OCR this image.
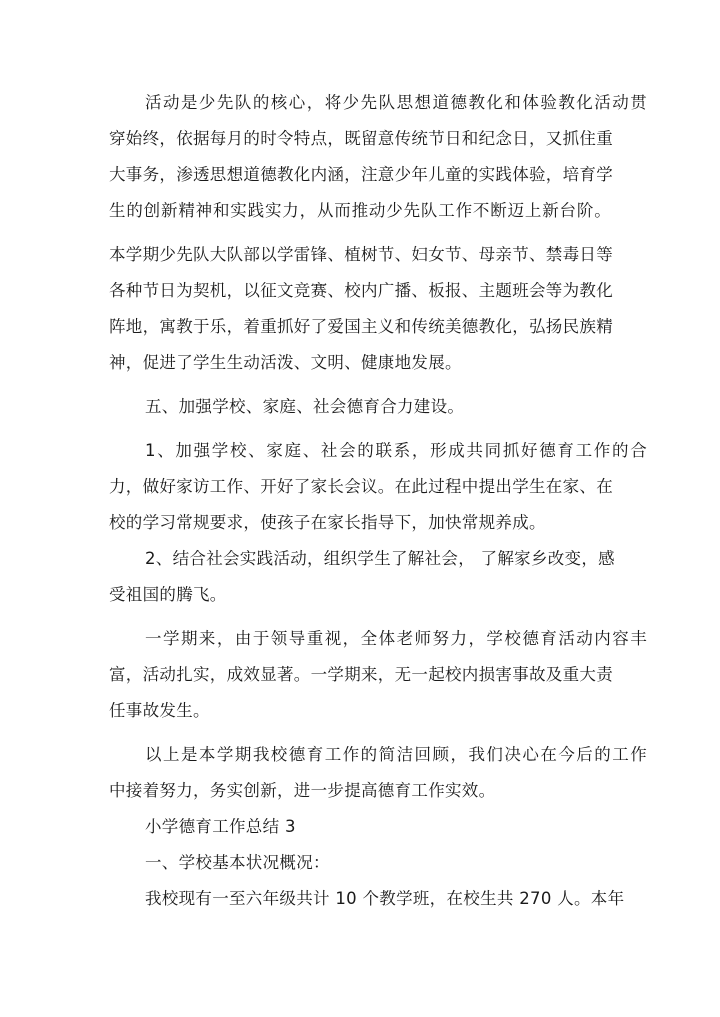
活动是少先队的核心，将少先队思想道德教化和体验教化活动贯
穿始终，依据每月的时令特点，既留意传统节日和纪念日，又抓住重
大事务，渗透思想道德教化内涵，注意少年儿童的实践体验，培育学
生的创新精神和实践实力，从而推动少先队工作不断迈上新台阶。
本学期少先队大队部以学雷锋、植树节、妇女节、母亲节、禁毒日等
各种节日为契机，以征文竞赛、校内广播、板报、主题班会等为教化
阵地，寓教于乐，着重抓好了爱国主义和传统美德教化，弘扬民族精
神，促进了学生生动活泼、文明、健康地发展。
五、加强学校、家庭、社会德育合力建设。
1、加强学校、家庭、社会的联系，形成共同抓好德育工作的合
力，做好家访工作、开好了家长会议。在此过程中提出学生在家、在
校的学习常规要求，使孩子在家长指导下，加快常规养成。
2、结合社会实践活动，组织学生了解社会， 了解家乡改变，感
受祖国的腾飞。
一学期来，由于领导重视，全体老师努力，学校德育活动内容丰
富，活动扎实，成效显著。一学期来，无一起校内损害事故及重大责
任事故发生。
以上是本学期我校德育工作的简洁回顾，我们决心在今后的工作
中接着努力，务实创新，进一步提高德育工作实效。
小学德育工作总结 3
一、学校基本状况概况：
我校现有一至六年级共计 10 个教学班，在校生共 270 人。本年
